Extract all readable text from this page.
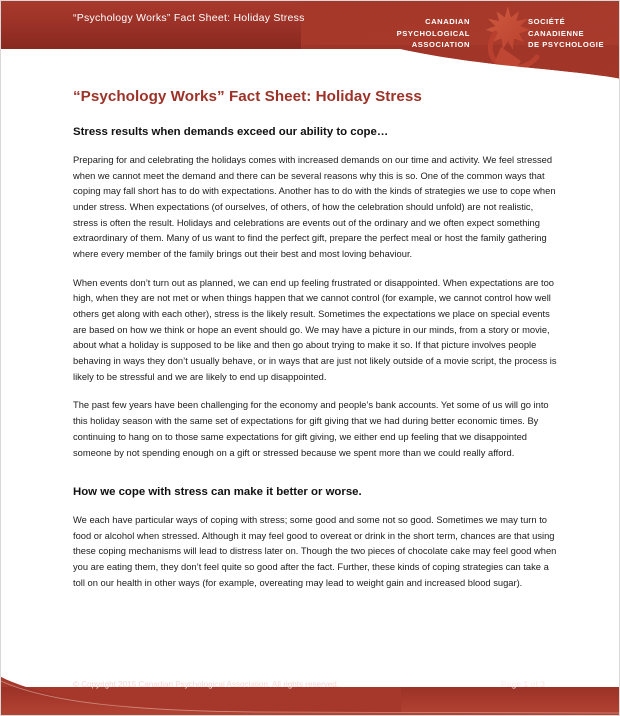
“Psychology Works” Fact Sheet: Holiday Stress	CANADIAN
PSYCHOLOGICAL
ASSOCIATION
SOCIÉTÉ
CANADIENNE
DE PSYCHOLOGIE
“Psychology Works” Fact Sheet: Holiday Stress
Stress results when demands exceed our ability to cope…

Preparing for and celebrating the holidays comes with increased demands on our time and activity. We feel stressed when we cannot meet the demand and there can be several reasons why this is so. One of the common ways that coping may fall short has to do with expectations. Another has to do with the kinds of strategies we use to cope when under stress. When expectations (of ourselves, of others, of how the celebration should unfold) are not realistic, stress is often the result. Holidays and celebrations are events out of the ordinary and we often expect something extraordinary of them. Many of us want to find the perfect gift, prepare the perfect meal or host the family gathering where every member of the family brings out their best and most loving behaviour.

When events don’t turn out as planned, we can end up feeling frustrated or disappointed. When expectations are too high, when they are not met or when things happen that we cannot control (for example, we cannot control how well others get along with each other), stress is the likely result. Sometimes the expectations we place on special events are based on how we think or hope an event should go. We may have a picture in our minds, from a story or movie, about what a holiday is supposed to be like and then go about trying to make it so. If that picture involves people behaving in ways they don’t usually behave, or in ways that are just not likely outside of a movie script, the process is likely to be stressful and we are likely to end up disappointed.

The past few years have been challenging for the economy and people’s bank accounts. Yet some of us will go into this holiday season with the same set of expectations for gift giving that we had during better economic times. By continuing to hang on to those same expectations for gift giving, we either end up feeling that we disappointed someone by not spending enough on a gift or stressed because we spent more than we could really afford.

How we cope with stress can make it better or worse.

We each have particular ways of coping with stress; some good and some not so good. Sometimes we may turn to food or alcohol when stressed. Although it may feel good to overeat or drink in the short term, chances are that using these coping mechanisms will lead to distress later on. Though the two pieces of chocolate cake may feel good when you are eating them, they don’t feel quite so good after the fact. Further, these kinds of coping strategies can take a toll on our health in other ways (for example, overeating may lead to weight gain and increased blood sugar).

© Copyright 2015 Canadian Psychological Association. All rights reserved.	Page 1 of 3
